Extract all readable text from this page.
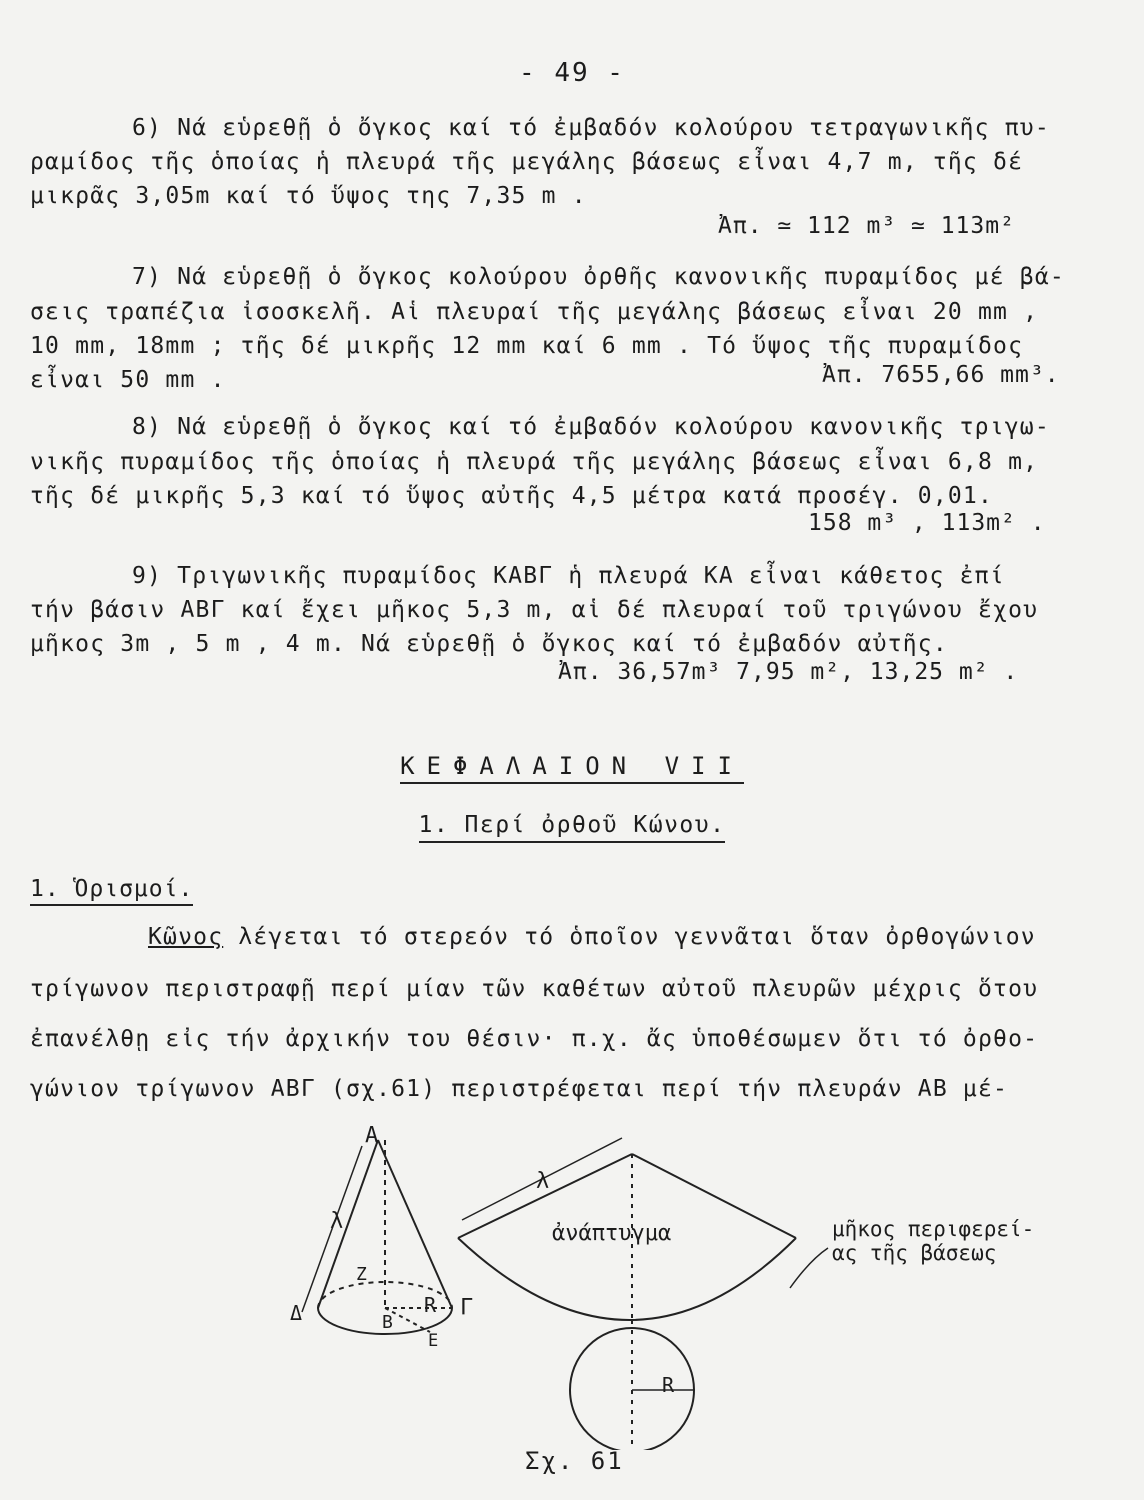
- 49 -
6) Νά εὑρεθῇ ὁ ὄγκος καί τό ἐμβαδόν κολούρου τετραγωνικῆς πυ-
ραμίδος τῆς ὁποίας ἡ πλευρά τῆς μεγάλης βάσεως εἶναι 4,7 m, τῆς δέ
μικρᾶς 3,05m καί τό ὕψος της 7,35 m .
Ἀπ. ≃ 112 m³ ≃ 113m²
7) Νά εὑρεθῇ ὁ ὄγκος κολούρου ὀρθῆς κανονικῆς πυραμίδος μέ βά-
σεις τραπέζια ἰσοσκελῆ. Αἱ πλευραί τῆς μεγάλης βάσεως εἶναι 20 mm ,
10 mm, 18mm ; τῆς δέ μικρῆς 12 mm καί 6 mm . Τό ὕψος τῆς πυραμίδος
εἶναι 50 mm .	Ἀπ. 7655,66 mm³.
8) Νά εὑρεθῇ ὁ ὄγκος καί τό ἐμβαδόν κολούρου κανονικῆς τριγω-
νικῆς πυραμίδος τῆς ὁποίας ἡ πλευρά τῆς μεγάλης βάσεως εἶναι 6,8 m,
τῆς δέ μικρῆς 5,3 καί τό ὕψος αὐτῆς 4,5 μέτρα κατά προσέγ. 0,01.
158 m³ , 113m² .
9) Τριγωνικῆς πυραμίδος ΚΑΒΓ ἡ πλευρά ΚΑ εἶναι κάθετος ἐπί
τήν βάσιν ΑΒΓ καί ἔχει μῆκος 5,3 m, αἱ δέ πλευραί τοῦ τριγώνου ἔχου
μῆκος 3m , 5 m , 4 m. Νά εὑρεθῇ ὁ ὄγκος καί τό ἐμβαδόν αὐτῆς.
Ἀπ. 36,57m³ 7,95 m², 13,25 m² .
ΚΕΦΑΛΑΙΟΝ VII
1. Περί ὀρθοῦ Κώνου.
1. Ὁρισμοί.
Κῶνος λέγεται τό στερεόν τό ὁποῖον γεννᾶται ὅταν ὀρθογώνιον
τρίγωνον περιστραφῇ περί μίαν τῶν καθέτων αὐτοῦ πλευρῶν μέχρις ὅτου
ἐπανέλθῃ εἰς τήν ἀρχικήν του θέσιν· π.χ. ἄς ὑποθέσωμεν ὅτι τό ὀρθο-
γώνιον τρίγωνον ΑΒΓ (σχ.61) περιστρέφεται περί τήν πλευράν ΑΒ μέ-
Α
λ
Ζ
Δ	Β
R Γ
Ε
λ
ἀνάπτυγμα	μῆκος περιφερεί-
ας τῆς βάσεως
R
Σχ. 61
